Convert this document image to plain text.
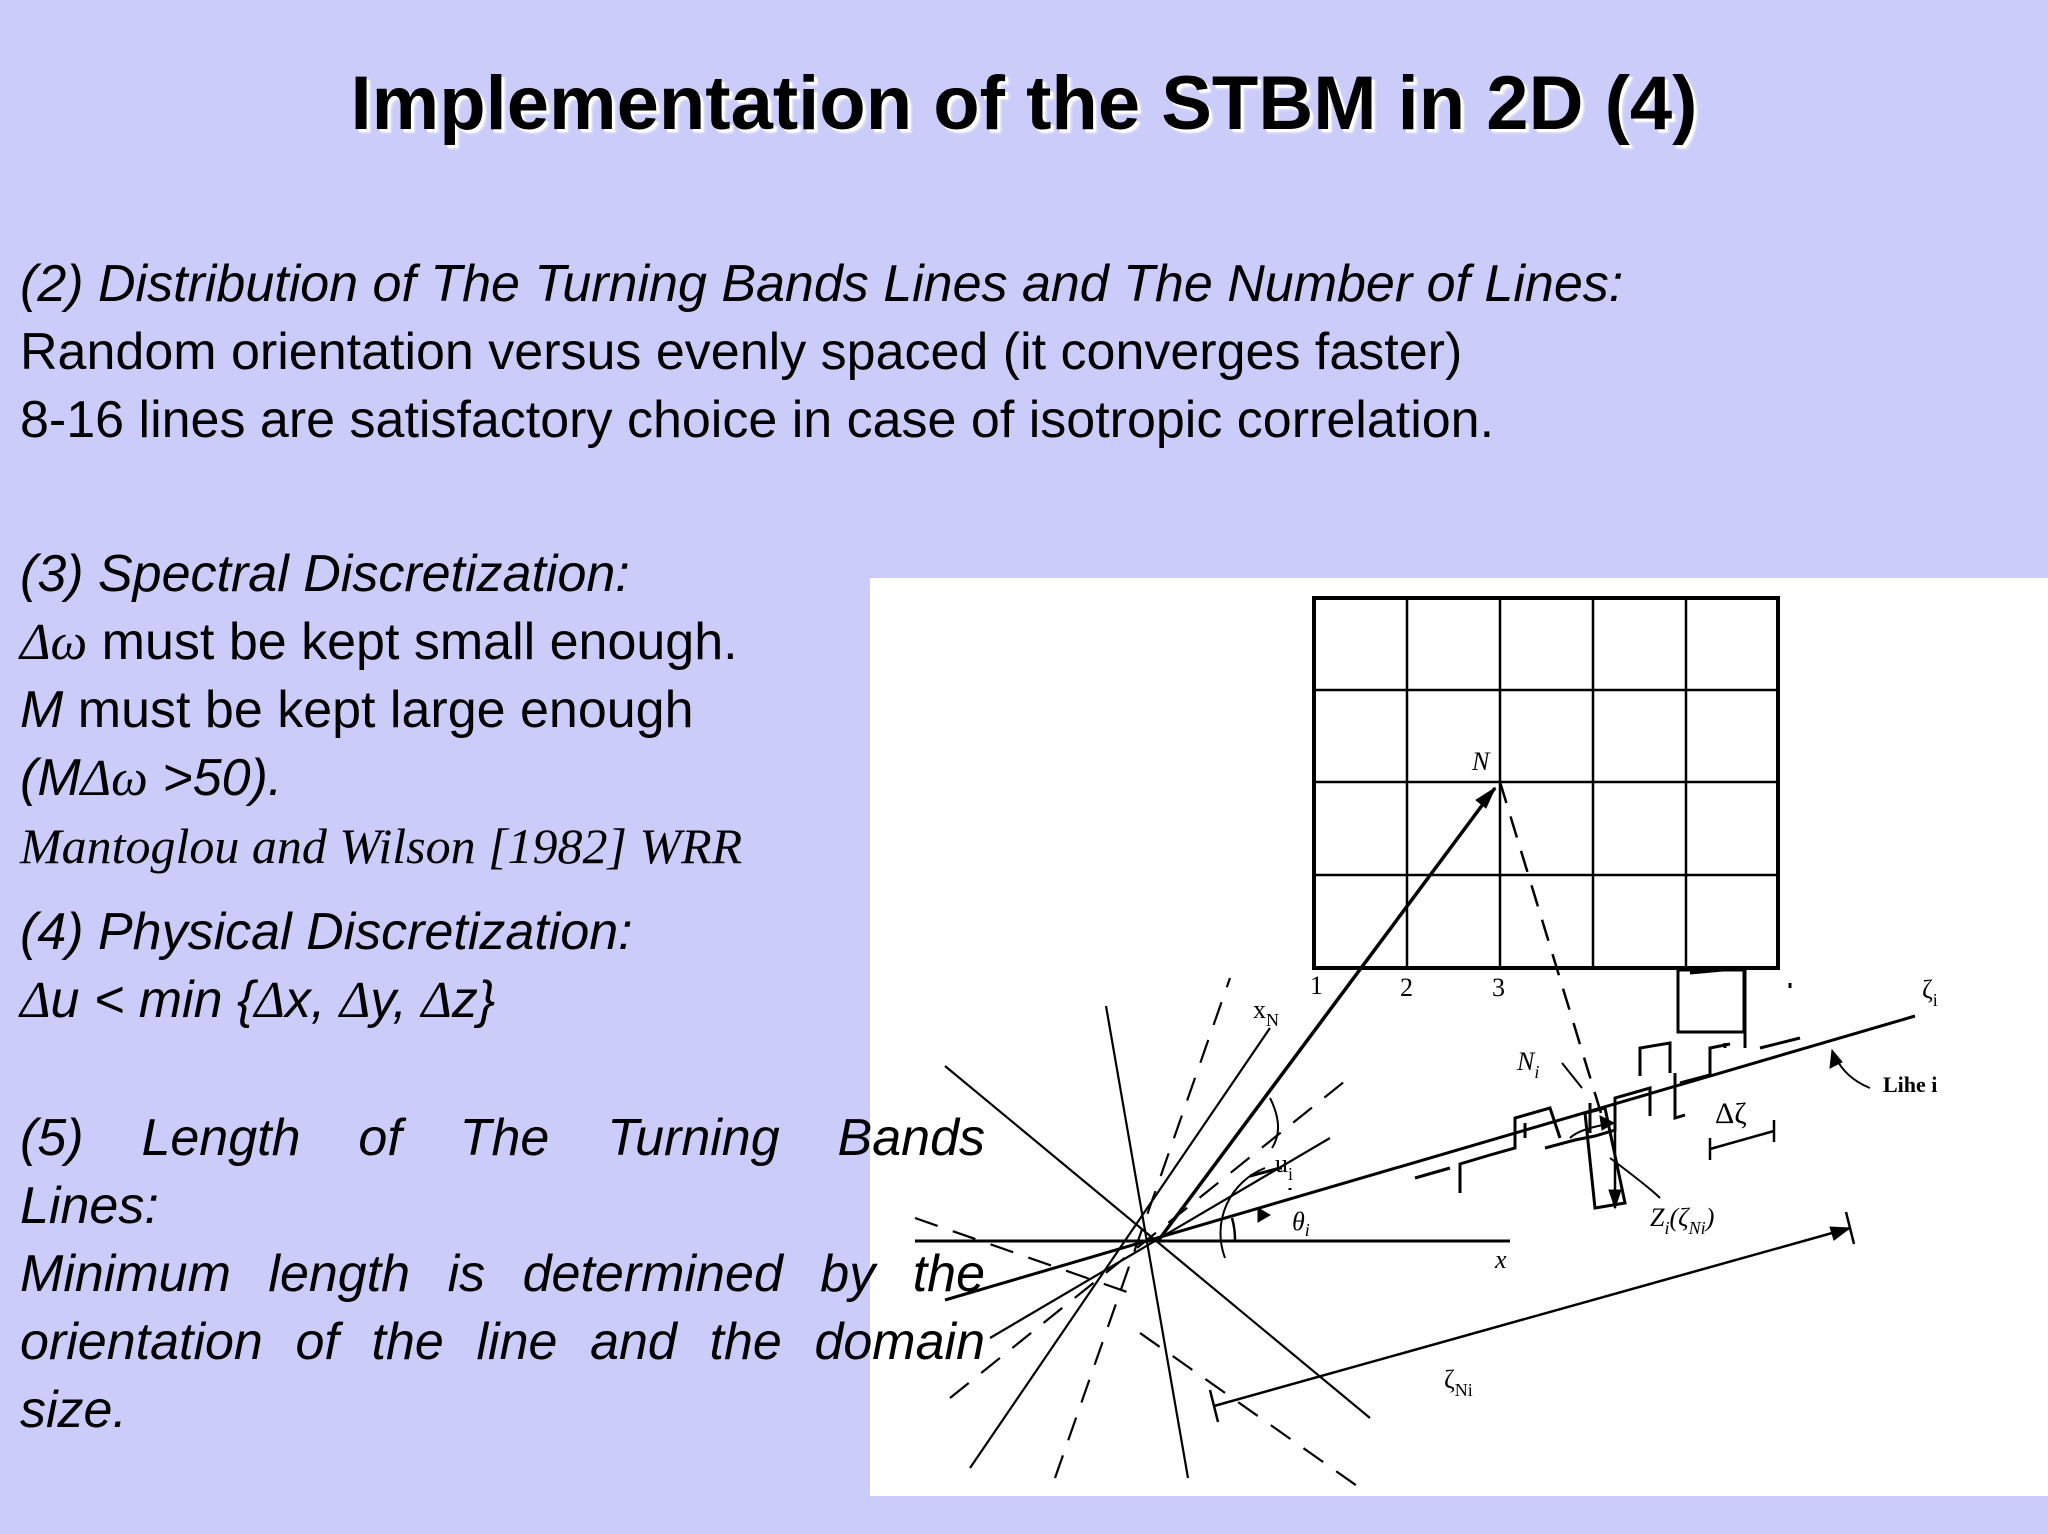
Implementation of the STBM in 2D (4)
(2) Distribution of The Turning Bands Lines and The Number of Lines:
Random orientation versus evenly spaced (it converges faster)
8-16 lines are satisfactory choice in case of isotropic correlation.
(3) Spectral Discretization:
Δω must be kept small enough.
M must be kept large enough
(MΔω >50).
Mantoglou and Wilson [1982] WRR
(4) Physical Discretization:
Δu < min {Δx, Δy, Δz}
N
$x_N$
1	2	3	$\zeta_i$
Lihe i
$N_i$
Δζ
$u_i$
$\theta_i$
x
$Z_i(\zeta_{Ni})$
$\zeta_{Ni}$
(5) Length of The Turning Bands
Lines:
Minimum length is determined by the
orientation of the line and the domain
size.
